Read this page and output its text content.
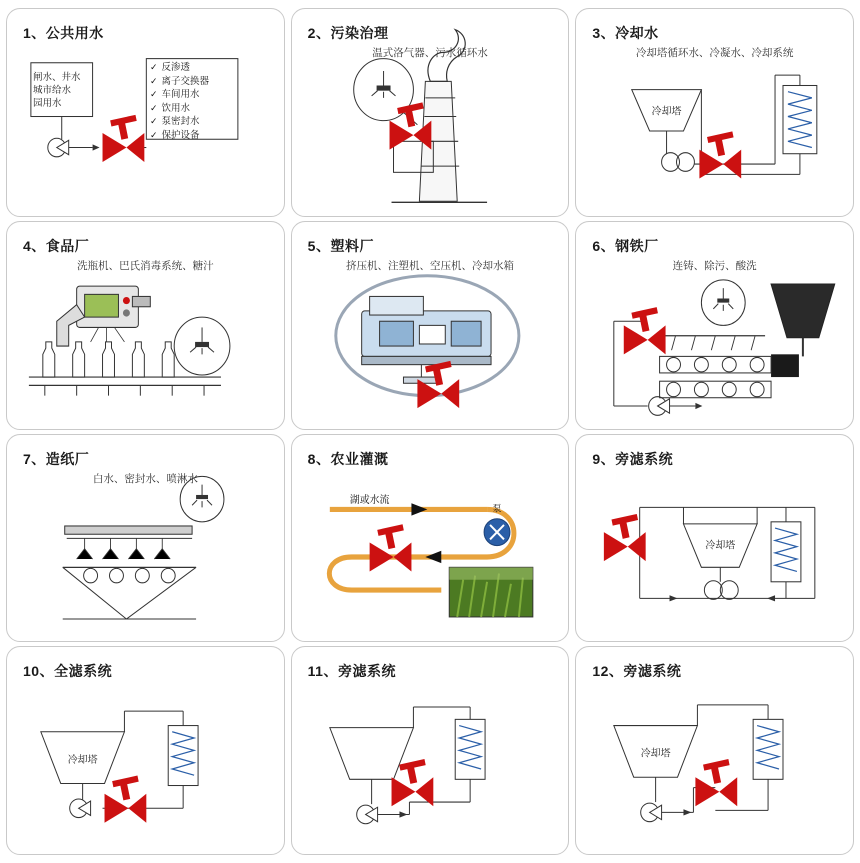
1、公共用水
闸水、井水
城市给水
园用水
✓ 反渗透
✓ 离子交换器
✓ 车间用水
✓ 饮用水
✓ 泵密封水
✓ 保护设备
2、污染治理
温式洛气器、污水循环水
3、冷却水
冷却塔循环水、冷凝水、冷却系统
冷却塔
4、食品厂
洗瓶机、巴氏消毒系统、糖汁
5、塑料厂
挤压机、注塑机、空压机、冷却水箱
6、钢铁厂
连铸、除污、酸洗
7、造纸厂
白水、密封水、喷淋水
8、农业灌溉
泵
湖或水流
9、旁滤系统
冷却塔
10、全滤系统
冷却塔
11、旁滤系统	12、旁滤系统
冷却塔
